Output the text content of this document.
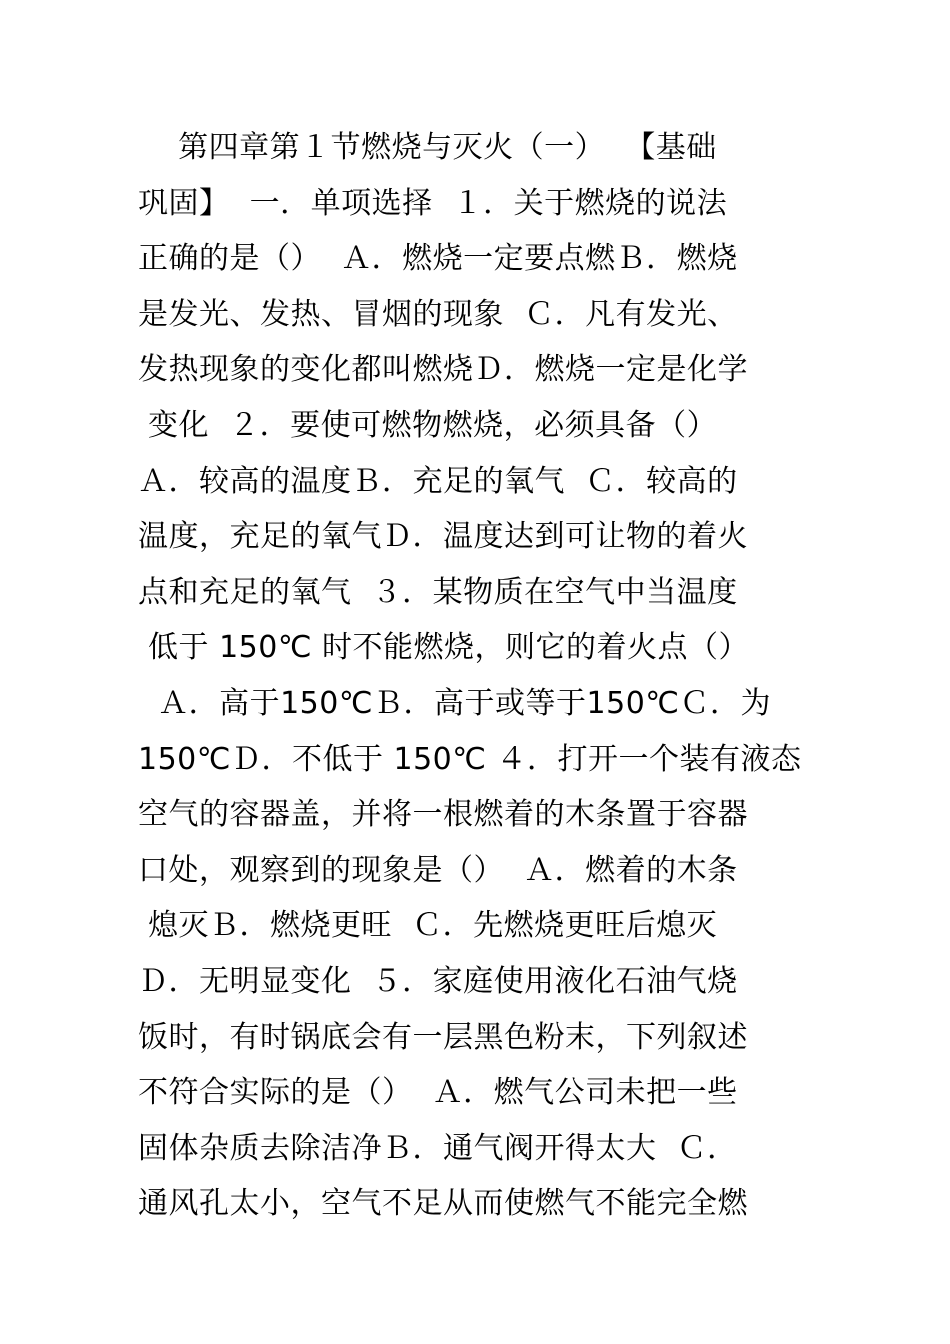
第四章第１节燃烧与灭火（一）  【基础
巩固】  一．单项选择  １．关于燃烧的说法
正确的是（）  Ａ．燃烧一定要点燃Ｂ．燃烧
是发光、发热、冒烟的现象  Ｃ．凡有发光、
发热现象的变化都叫燃烧Ｄ．燃烧一定是化学
变化  ２．要使可燃物燃烧，必须具备（）
Ａ．较高的温度Ｂ．充足的氧气  Ｃ．较高的
温度，充足的氧气Ｄ．温度达到可让物的着火
点和充足的氧气  ３．某物质在空气中当温度
低于 150℃ 时不能燃烧，则它的着火点（）
Ａ．高于150℃Ｂ．高于或等于150℃Ｃ．为
150℃Ｄ．不低于 150℃ ４．打开一个装有液态
空气的容器盖，并将一根燃着的木条置于容器
口处，观察到的现象是（）  Ａ．燃着的木条
熄灭Ｂ．燃烧更旺  Ｃ．先燃烧更旺后熄灭
Ｄ．无明显变化  ５．家庭使用液化石油气烧
饭时，有时锅底会有一层黑色粉末，下列叙述
不符合实际的是（）  Ａ．燃气公司未把一些
固体杂质去除洁净Ｂ．通气阀开得太大  Ｃ．
通风孔太小，空气不足从而使燃气不能完全燃
